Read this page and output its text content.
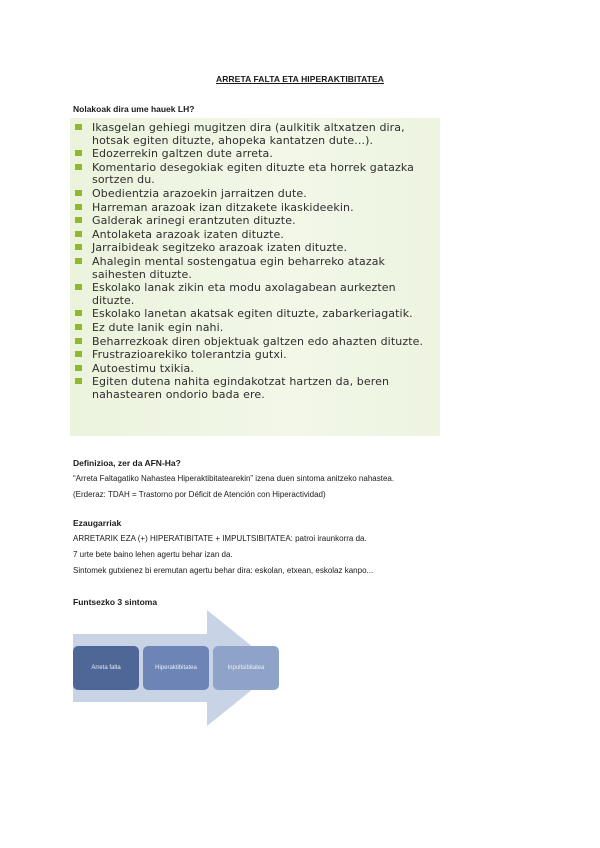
ARRETA FALTA ETA HIPERAKTIBITATEA
Nolakoak dira ume hauek LH?
Ikasgelan gehiegi mugitzen dira (aulkitik altxatzen dira, hotsak egiten dituzte, ahopeka kantatzen dute...).
Edozerrekin galtzen dute arreta.
Komentario desegokiak egiten dituzte eta horrek gatazka sortzen du.
Obedientzia arazoekin jarraitzen dute.
Harreman arazoak izan ditzakete ikaskideekin.
Galderak arinegi erantzuten dituzte.
Antolaketa arazoak izaten dituzte.
Jarraibideak segitzeko arazoak izaten dituzte.
Ahalegin mental sostengatua egin beharreko atazak saihesten dituzte.
Eskolako lanak zikin eta modu axolagabean aurkezten dituzte.
Eskolako lanetan akatsak egiten dituzte, zabarkeriagatik.
Ez dute lanik egin nahi.
Beharrezkoak diren objektuak galtzen edo ahazten dituzte.
Frustrazioarekiko tolerantzia gutxi.
Autoestimu txikia.
Egiten dutena nahita egindakotzat hartzen da, beren nahastearen ondorio bada ere.
Definizioa, zer da AFN-Ha?
“Arreta Faltagatiko Nahastea Hiperaktibitatearekin” izena duen sintoma anitzeko nahastea.
(Erderaz: TDAH = Trastorno por Déficit de Atención con Hiperactividad)
Ezaugarriak
ARRETARIK EZA (+) HIPERATIBITATE + IMPULTSIBITATEA: patroi iraunkorra da.
7 urte bete baino lehen agertu behar izan da.
Sintomek gutxienez bi eremutan agertu behar dira: eskolan, etxean, eskolaz kanpo...
Funtsezko 3 sintoma
Arreta falta	Hiperaktibitatea	Inpultsibitatea
